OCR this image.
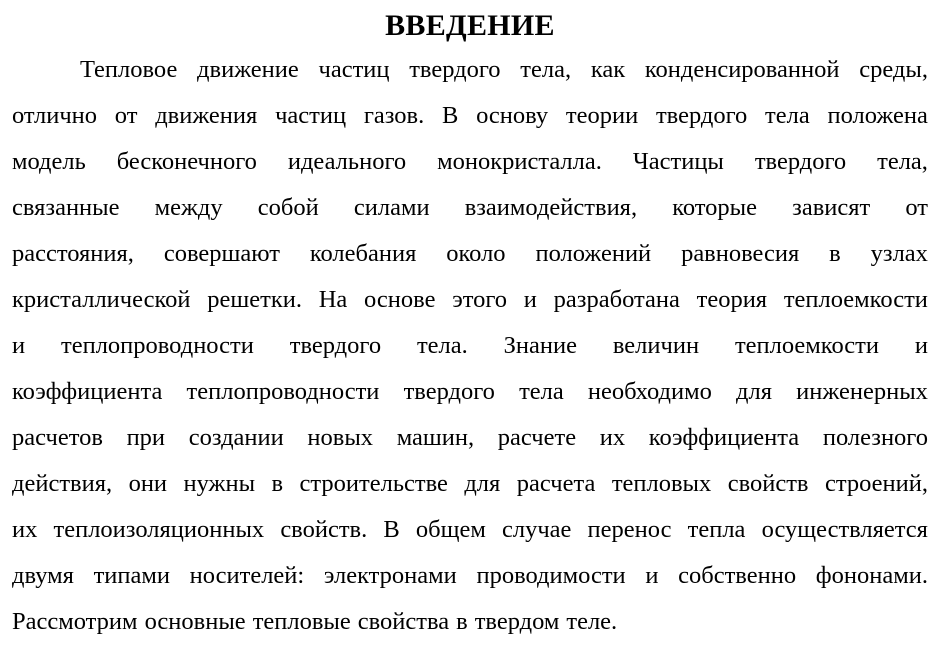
ВВЕДЕНИЕ
Тепловое движение частиц твердого тела, как конденсированной среды,
отлично от движения частиц газов. В основу теории твердого тела положена
модель бесконечного идеального монокристалла. Частицы твердого тела,
связанные между собой силами взаимодействия, которые зависят от
расстояния, совершают колебания около положений равновесия в узлах
кристаллической решетки. На основе этого и разработана теория теплоемкости
и теплопроводности твердого тела. Знание величин теплоемкости и
коэффициента теплопроводности твердого тела необходимо для инженерных
расчетов при создании новых машин, расчете их коэффициента полезного
действия, они нужны в строительстве для расчета тепловых свойств строений,
их теплоизоляционных свойств. В общем случае перенос тепла осуществляется
двумя типами носителей: электронами проводимости и собственно фононами.
Рассмотрим основные тепловые свойства в твердом теле.
